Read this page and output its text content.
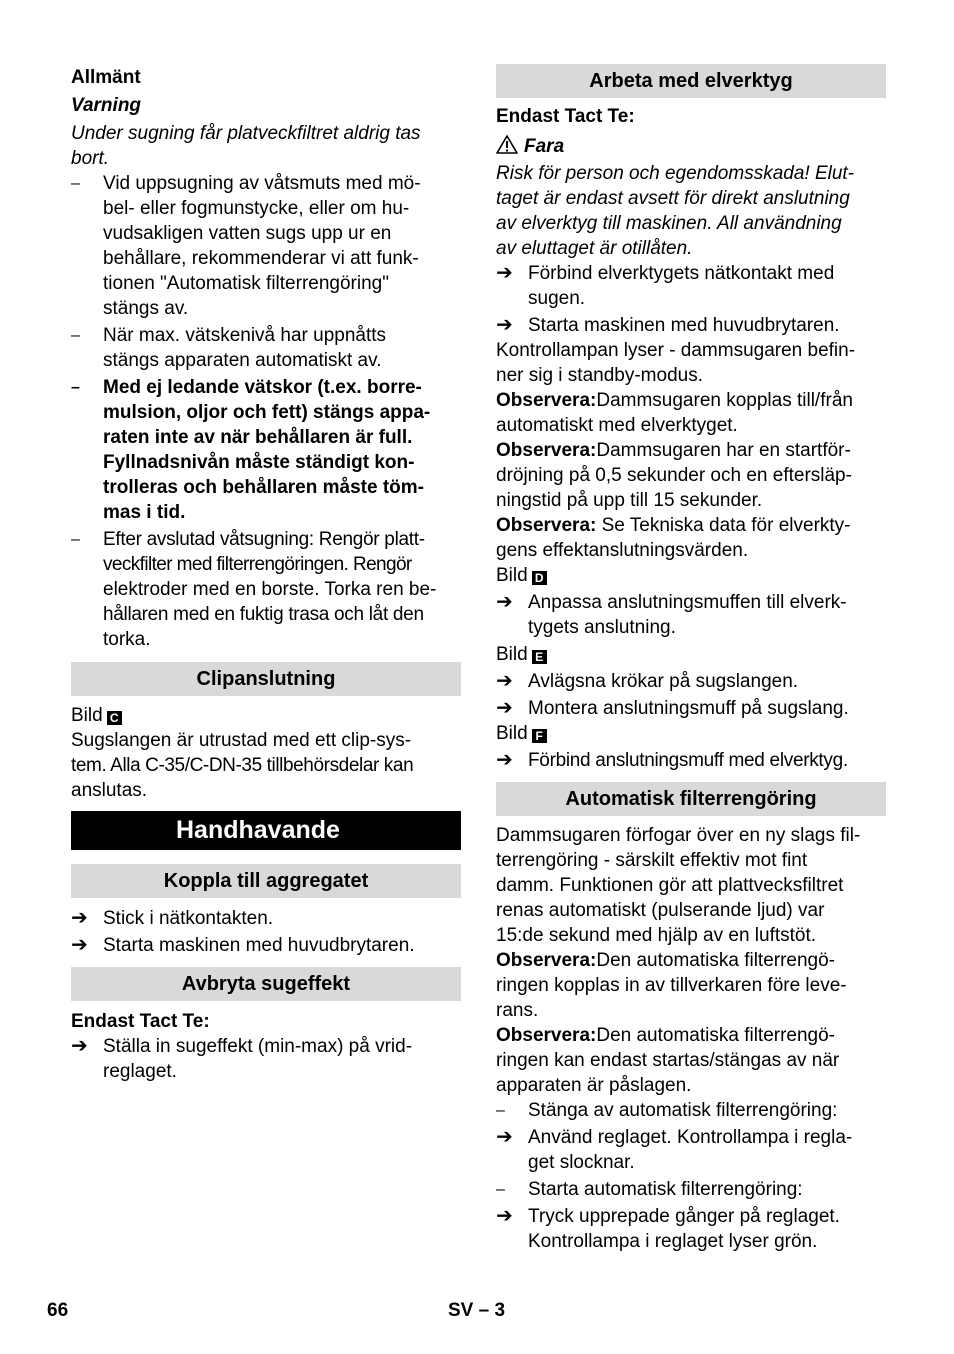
Allmänt
Varning
Under sugning får platveckfiltret aldrig tas
bort.
–	Vid uppsugning av våtsmuts med mö-
bel- eller fogmunstycke, eller om hu-
vudsakligen vatten sugs upp ur en
behållare, rekommenderar vi att funk-
tionen "Automatisk filterrengöring"
stängs av.
–	När max. vätskenivå har uppnåtts
stängs apparaten automatiskt av.
–	Med ej ledande vätskor (t.ex. borre-
mulsion, oljor och fett) stängs appa-
raten inte av när behållaren är full.
Fyllnadsnivån måste ständigt kon-
trolleras och behållaren måste töm-
mas i tid.
–	Efter avslutad våtsugning: Rengör platt-
veckfilter med filterrengöringen. Rengör
elektroder med en borste. Torka ren be-
hållaren med en fuktig trasa och låt den
torka.
Clipanslutning
Bild C
Sugslangen är utrustad med ett clip-sys-
tem. Alla C-35/C-DN-35 tillbehörsdelar kan
anslutas.
Handhavande
Koppla till aggregatet
➔ Stick i nätkontakten.
➔ Starta maskinen med huvudbrytaren.
Avbryta sugeffekt
Endast Tact Te:
➔ Ställa in sugeffekt (min-max) på vrid-
reglaget.
Arbeta med elverktyg
Endast Tact Te:
Fara
Risk för person och egendomsskada! Elut-
taget är endast avsett för direkt anslutning
av elverktyg till maskinen. All användning
av eluttaget är otillåten.
➔ Förbind elverktygets nätkontakt med
sugen.
➔ Starta maskinen med huvudbrytaren.
Kontrollampan lyser - dammsugaren befin-
ner sig i standby-modus.
Observera:Dammsugaren kopplas till/från
automatiskt med elverktyget.
Observera:Dammsugaren har en startför-
dröjning på 0,5 sekunder och en eftersläp-
ningstid på upp till 15 sekunder.
Observera: Se Tekniska data för elverkty-
gens effektanslutningsvärden.
Bild D
➔ Anpassa anslutningsmuffen till elverk-
tygets anslutning.
Bild E
➔ Avlägsna krökar på sugslangen.
➔ Montera anslutningsmuff på sugslang.
Bild F
➔ Förbind anslutningsmuff med elverktyg.
Automatisk filterrengöring
Dammsugaren förfogar över en ny slags fil-
terrengöring - särskilt effektiv mot fint
damm. Funktionen gör att plattvecksfiltret
renas automatiskt (pulserande ljud) var
15:de sekund med hjälp av en luftstöt.
Observera:Den automatiska filterrengö-
ringen kopplas in av tillverkaren före leve-
rans.
Observera:Den automatiska filterrengö-
ringen kan endast startas/stängas av när
apparaten är påslagen.
–	Stänga av automatisk filterrengöring:
➔ Använd reglaget. Kontrollampa i regla-
get slocknar.
–	Starta automatisk filterrengöring:
➔ Tryck upprepade gånger på reglaget.
Kontrollampa i reglaget lyser grön.
66	SV – 3
